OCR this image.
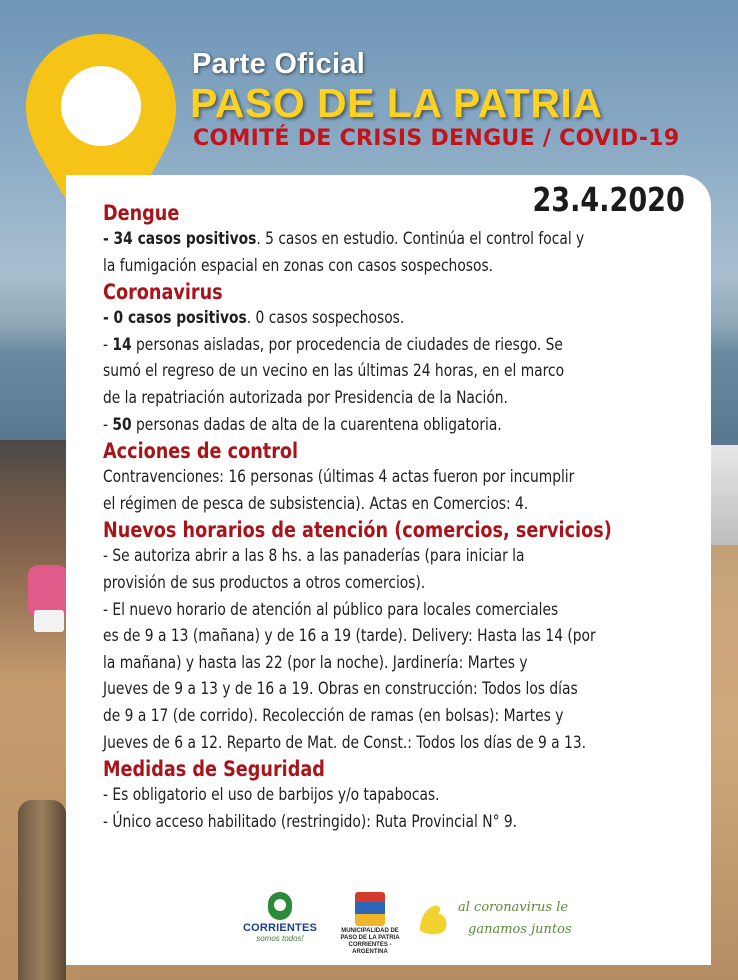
Parte Oficial
PASO DE LA PATRIA
COMITÉ DE CRISIS DENGUE / COVID-19
23.4.2020
Dengue

- 34 casos positivos. 5 casos en estudio. Continúa el control focal y

la fumigación espacial en zonas con casos sospechosos.

Coronavirus

- 0 casos positivos. 0 casos sospechosos.

- 14 personas aisladas, por procedencia de ciudades de riesgo. Se

sumó el regreso de un vecino en las últimas 24 horas, en el marco

de la repatriación autorizada por Presidencia de la Nación.

- 50 personas dadas de alta de la cuarentena obligatoria.

Acciones de control

Contravenciones: 16 personas (últimas 4 actas fueron por incumplir

el régimen de pesca de subsistencia). Actas en Comercios: 4.

Nuevos horarios de atención (comercios, servicios)

- Se autoriza abrir a las 8 hs. a las panaderías (para iniciar la

provisión de sus productos a otros comercios).

- El nuevo horario de atención al público para locales comerciales

es de 9 a 13 (mañana) y de 16 a 19 (tarde). Delivery: Hasta las 14 (por

la mañana) y hasta las 22 (por la noche). Jardinería: Martes y

Jueves de 9 a 13 y de 16 a 19. Obras en construcción: Todos los días

de 9 a 17 (de corrido). Recolección de ramas (en bolsas): Martes y

Jueves de 6 a 12. Reparto de Mat. de Const.: Todos los días de 9 a 13.

Medidas de Seguridad

- Es obligatorio el uso de barbijos y/o tapabocas.

- Único acceso habilitado (restringido): Ruta Provincial N° 9.

CORRIENTES
somos todos!
MUNICIPALIDAD DE
PASO DE LA PATRIA
CORRIENTES - ARGENTINA
al coronavirus le
ganamos juntos
